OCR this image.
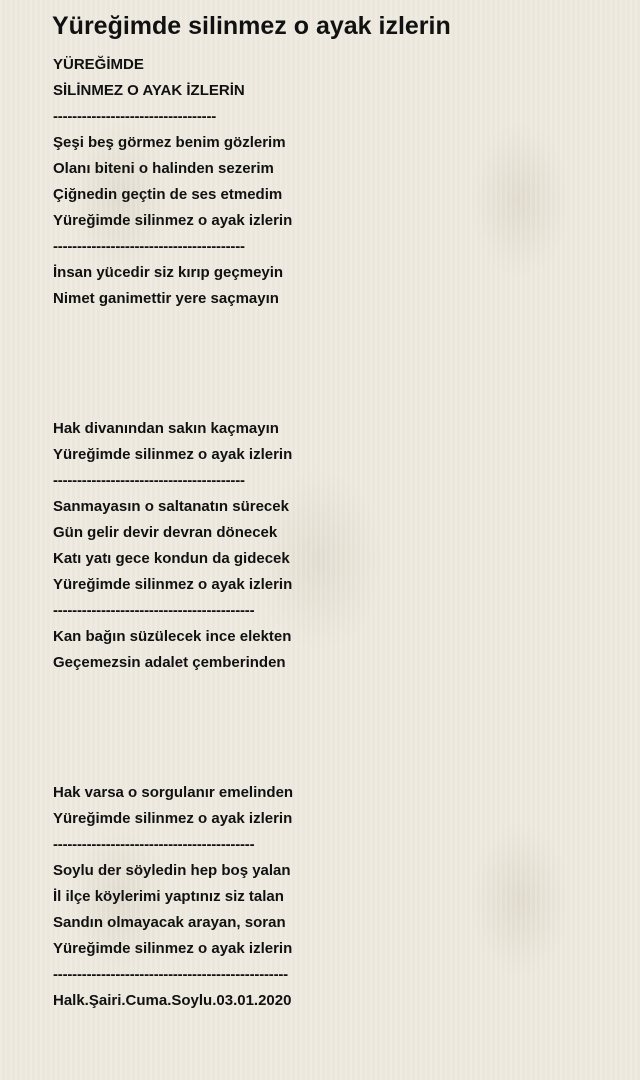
Yüreğimde silinmez o ayak izlerin
YÜREĞİMDE
SİLİNMEZ O AYAK İZLERİN
----------------------------------
Şeşi beş görmez benim gözlerim
Olanı biteni o halinden sezerim
Çiğnedin geçtin de ses etmedim
Yüreğimde silinmez o ayak izlerin
----------------------------------------
İnsan yücedir siz kırıp geçmeyin
Nimet ganimettir yere saçmayın
Hak divanından sakın kaçmayın
Yüreğimde silinmez o ayak izlerin
----------------------------------------
Sanmayasın o saltanatın sürecek
Gün gelir devir devran dönecek
Katı yatı gece kondun da gidecek
Yüreğimde silinmez o ayak izlerin
------------------------------------------
Kan bağın süzülecek ince elekten
Geçemezsin adalet çemberinden
Hak varsa o sorgulanır emelinden
Yüreğimde silinmez o ayak izlerin
------------------------------------------
Soylu der söyledin hep boş yalan
İl ilçe köylerimi yaptınız siz talan
Sandın olmayacak arayan, soran
Yüreğimde silinmez o ayak izlerin
-------------------------------------------------
Halk.Şairi.Cuma.Soylu.03.01.2020
